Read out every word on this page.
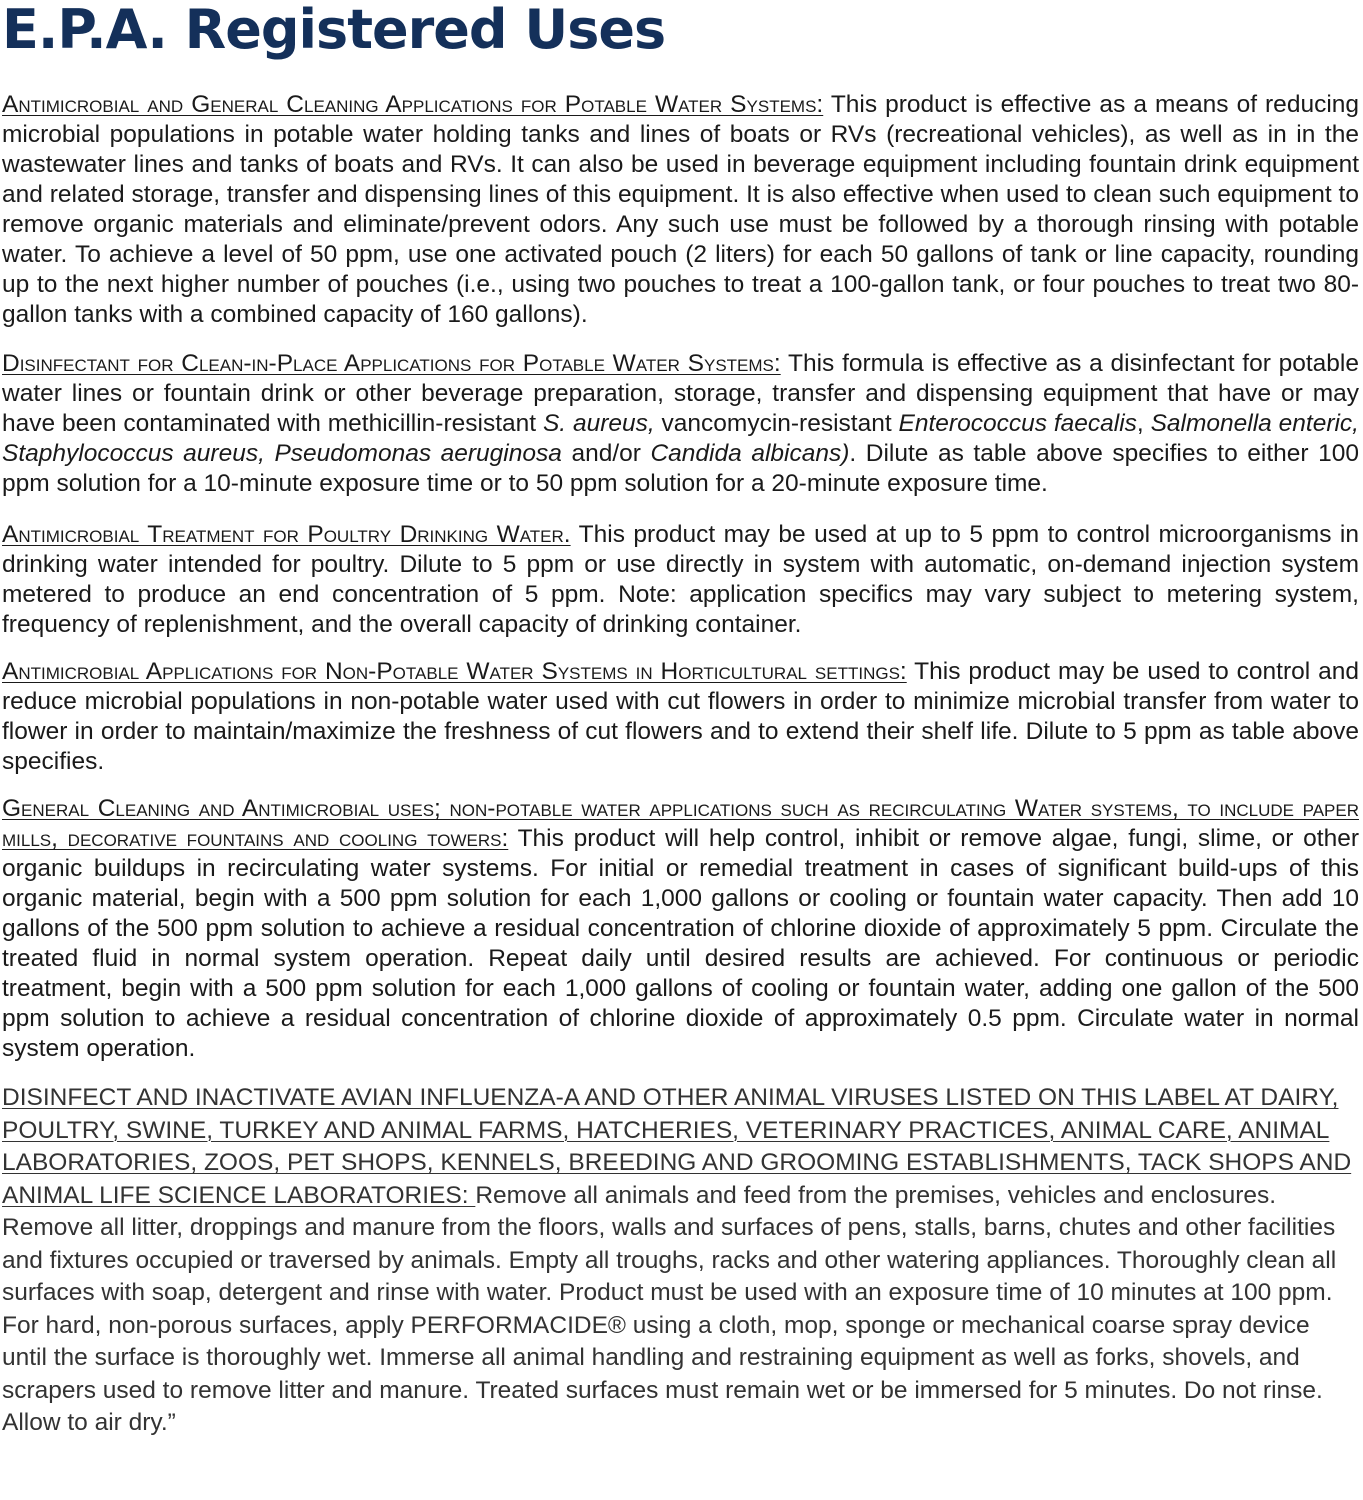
E.P.A. Registered Uses

Antimicrobial and General Cleaning Applications for Potable Water Systems: This product is effective as a means of reducing microbial populations in potable water holding tanks and lines of boats or RVs (recreational vehicles), as well as in in the wastewater lines and tanks of boats and RVs. It can also be used in beverage equipment including fountain drink equipment and related storage, transfer and dispensing lines of this equipment. It is also effective when used to clean such equipment to remove organic materials and eliminate/prevent odors. Any such use must be followed by a thorough rinsing with potable water. To achieve a level of 50 ppm, use one activated pouch (2 liters) for each 50 gallons of tank or line capacity, rounding up to the next higher number of pouches (i.e., using two pouches to treat a 100-gallon tank, or four pouches to treat two 80-gallon tanks with a combined capacity of 160 gallons).

Disinfectant for Clean-in-Place Applications for Potable Water Systems: This formula is effective as a disinfectant for potable water lines or fountain drink or other beverage preparation, storage, transfer and dispensing equipment that have or may have been contaminated with methicillin-resistant S. aureus, vancomycin-resistant Enterococcus faecalis, Salmonella enteric, Staphylococcus aureus, Pseudomonas aeruginosa and/or Candida albicans). Dilute as table above specifies to either 100 ppm solution for a 10-minute exposure time or to 50 ppm solution for a 20-minute exposure time.

Antimicrobial Treatment for Poultry Drinking Water. This product may be used at up to 5 ppm to control microorganisms in drinking water intended for poultry. Dilute to 5 ppm or use directly in system with automatic, on-demand injection system metered to produce an end concentration of 5 ppm. Note: application specifics may vary subject to metering system, frequency of replenishment, and the overall capacity of drinking container.

Antimicrobial Applications for Non-Potable Water Systems in Horticultural settings: This product may be used to control and reduce microbial populations in non-potable water used with cut flowers in order to minimize microbial transfer from water to flower in order to maintain/maximize the freshness of cut flowers and to extend their shelf life. Dilute to 5 ppm as table above specifies.

General Cleaning and Antimicrobial uses; non-potable water applications such as recirculating Water systems, to include paper mills, decorative fountains and cooling towers: This product will help control, inhibit or remove algae, fungi, slime, or other organic buildups in recirculating water systems. For initial or remedial treatment in cases of significant build-ups of this organic material, begin with a 500 ppm solution for each 1,000 gallons or cooling or fountain water capacity. Then add 10 gallons of the 500 ppm solution to achieve a residual concentration of chlorine dioxide of approximately 5 ppm. Circulate the treated fluid in normal system operation. Repeat daily until desired results are achieved. For continuous or periodic treatment, begin with a 500 ppm solution for each 1,000 gallons of cooling or fountain water, adding one gallon of the 500 ppm solution to achieve a residual concentration of chlorine dioxide of approximately 0.5 ppm. Circulate water in normal system operation.

DISINFECT AND INACTIVATE AVIAN INFLUENZA-A AND OTHER ANIMAL VIRUSES LISTED ON THIS LABEL AT DAIRY, POULTRY, SWINE, TURKEY AND ANIMAL FARMS, HATCHERIES, VETERINARY PRACTICES, ANIMAL CARE, ANIMAL LABORATORIES, ZOOS, PET SHOPS, KENNELS, BREEDING AND GROOMING ESTABLISHMENTS, TACK SHOPS AND ANIMAL LIFE SCIENCE LABORATORIES: Remove all animals and feed from the premises, vehicles and enclosures. Remove all litter, droppings and manure from the floors, walls and surfaces of pens, stalls, barns, chutes and other facilities and fixtures occupied or traversed by animals. Empty all troughs, racks and other watering appliances. Thoroughly clean all surfaces with soap, detergent and rinse with water. Product must be used with an exposure time of 10 minutes at 100 ppm. For hard, non-porous surfaces, apply PERFORMACIDE® using a cloth, mop, sponge or mechanical coarse spray device until the surface is thoroughly wet. Immerse all animal handling and restraining equipment as well as forks, shovels, and scrapers used to remove litter and manure. Treated surfaces must remain wet or be immersed for 5 minutes. Do not rinse. Allow to air dry.”
